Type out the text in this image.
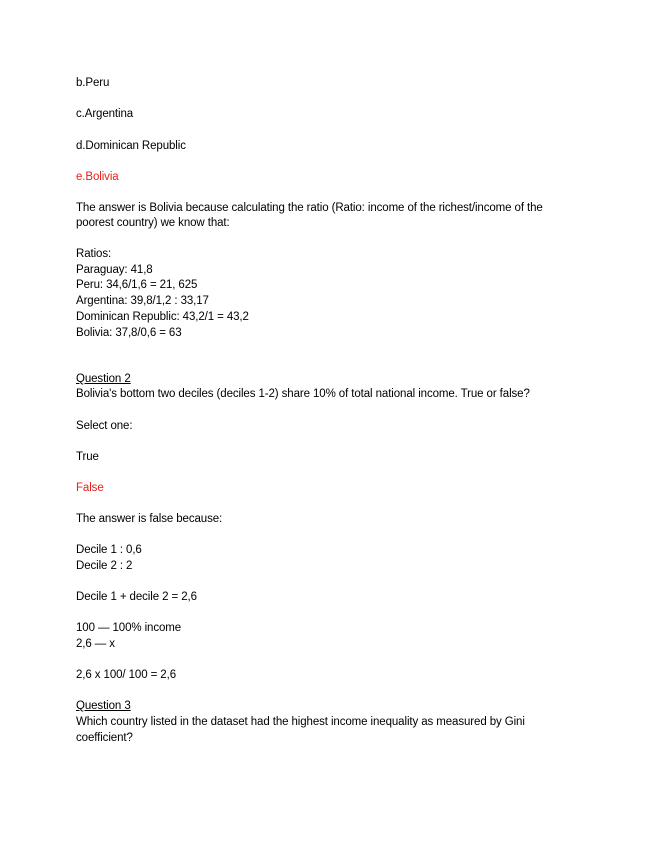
b.Peru
c.Argentina
d.Dominican Republic
e.Bolivia
The answer is Bolivia because calculating the ratio (Ratio: income of the richest/income of the
poorest country) we know that:
Ratios:
Paraguay: 41,8
Peru: 34,6/1,6 = 21, 625
Argentina: 39,8/1,2 : 33,17
Dominican Republic: 43,2/1 = 43,2
Bolivia: 37,8/0,6 = 63
Question 2
Bolivia's bottom two deciles (deciles 1-2) share 10% of total national income. True or false?
Select one:
True
False
The answer is false because:
Decile 1 : 0,6
Decile 2 : 2
Decile 1 + decile 2 = 2,6
100 — 100% income
2,6 — x
2,6 x 100/ 100 = 2,6
Question 3
Which country listed in the dataset had the highest income inequality as measured by Gini
coefficient?
